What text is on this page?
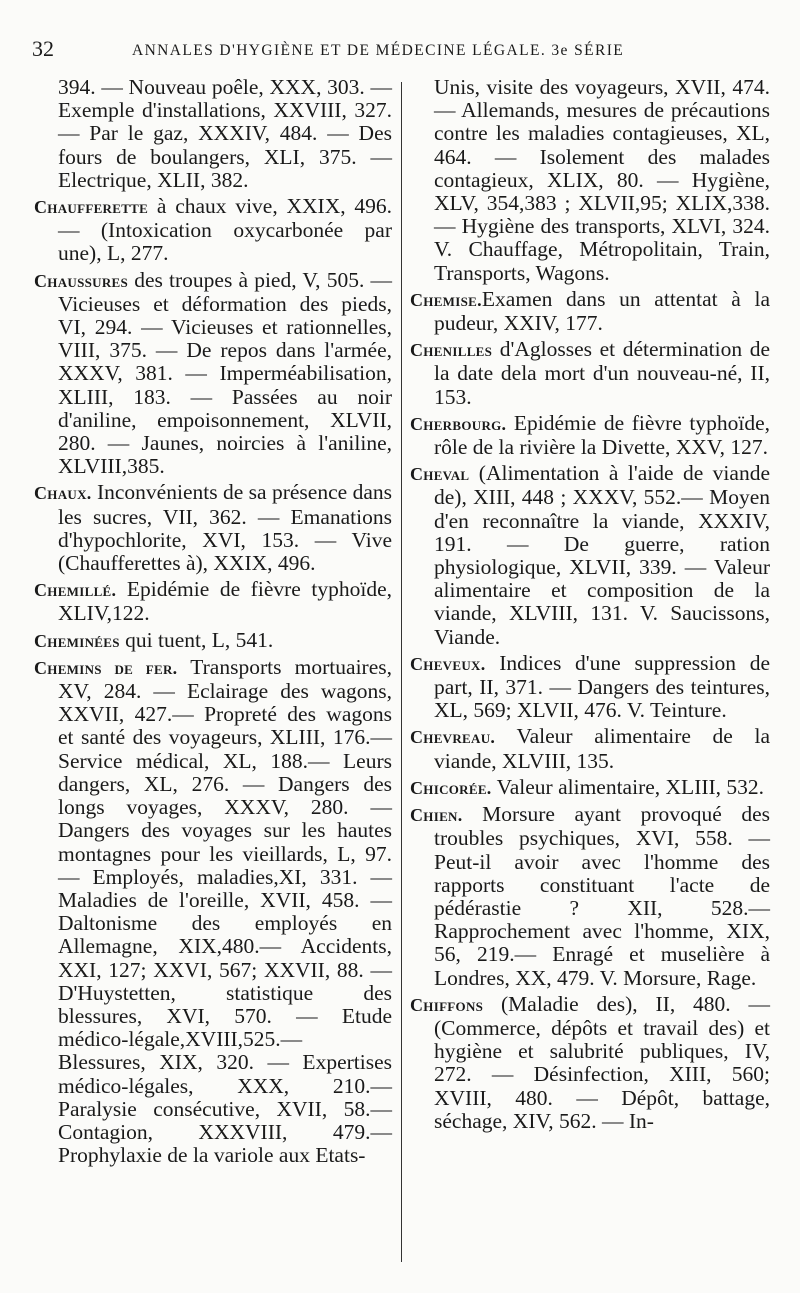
32	ANNALES D'HYGIÈNE ET DE MÉDECINE LÉGALE. 3e SÉRIE

394. — Nouveau poêle, XXX, 303. — Exemple d'installations, XXVIII, 327. — Par le gaz, XXXIV, 484. — Des fours de boulangers, XLI, 375. — Electrique, XLII, 382.

Chaufferette à chaux vive, XXIX, 496. — (Intoxication oxycarbonée par une), L, 277.

Chaussures des troupes à pied, V, 505. — Vicieuses et déformation des pieds, VI, 294. — Vicieuses et rationnelles, VIII, 375. — De repos dans l'armée, XXXV, 381. — Imperméabilisation, XLIII, 183. — Passées au noir d'aniline, empoisonnement, XLVII, 280. — Jaunes, noircies à l'aniline, XLVIII,385.

Chaux. Inconvénients de sa présence dans les sucres, VII, 362. — Emanations d'hypochlorite, XVI, 153. — Vive (Chaufferettes à), XXIX, 496.

Chemillé. Epidémie de fièvre typhoïde, XLIV,122.

Cheminées qui tuent, L, 541.

Chemins de fer. Transports mortuaires, XV, 284. — Eclairage des wagons, XXVII, 427.— Propreté des wagons et santé des voyageurs, XLIII, 176.—Service médical, XL, 188.— Leurs dangers, XL, 276. — Dangers des longs voyages, XXXV, 280. — Dangers des voyages sur les hautes montagnes pour les vieillards, L, 97. — Employés, maladies,XI, 331. —Maladies de l'oreille, XVII, 458. — Daltonisme des employés en Allemagne, XIX,480.— Accidents, XXI, 127; XXVI, 567; XXVII, 88. — D'Huystetten, statistique des blessures, XVI, 570. — Etude médico-légale,XVIII,525.— Blessures, XIX, 320. — Expertises médico-légales, XXX, 210.—Paralysie consécutive, XVII, 58.— Contagion, XXXVIII, 479.—Prophylaxie de la variole aux Etats-

Unis, visite des voyageurs, XVII, 474. — Allemands, mesures de précautions contre les maladies contagieuses, XL, 464. — Isolement des malades contagieux, XLIX, 80. — Hygiène, XLV, 354,383 ; XLVII,95; XLIX,338.— Hygiène des transports, XLVI, 324. V. Chauffage, Métropolitain, Train, Transports, Wagons.

Chemise.Examen dans un attentat à la pudeur, XXIV, 177.

Chenilles d'Aglosses et détermination de la date dela mort d'un nouveau-né, II, 153.

Cherbourg. Epidémie de fièvre typhoïde, rôle de la rivière la Divette, XXV, 127.

Cheval (Alimentation à l'aide de viande de), XIII, 448 ; XXXV, 552.— Moyen d'en reconnaître la viande, XXXIV, 191. — De guerre, ration physiologique, XLVII, 339. — Valeur alimentaire et composition de la viande, XLVIII, 131. V. Saucissons, Viande.

Cheveux. Indices d'une suppression de part, II, 371. — Dangers des teintures, XL, 569; XLVII, 476. V. Teinture.

Chevreau. Valeur alimentaire de la viande, XLVIII, 135.

Chicorée. Valeur alimentaire, XLIII, 532.

Chien. Morsure ayant provoqué des troubles psychiques, XVI, 558. — Peut-il avoir avec l'homme des rapports constituant l'acte de pédérastie ? XII, 528.— Rapprochement avec l'homme, XIX, 56, 219.— Enragé et muselière à Londres, XX, 479. V. Morsure, Rage.

Chiffons (Maladie des), II, 480. — (Commerce, dépôts et travail des) et hygiène et salubrité publiques, IV, 272. — Désinfection, XIII, 560; XVIII, 480. — Dépôt, battage, séchage, XIV, 562. — In-
